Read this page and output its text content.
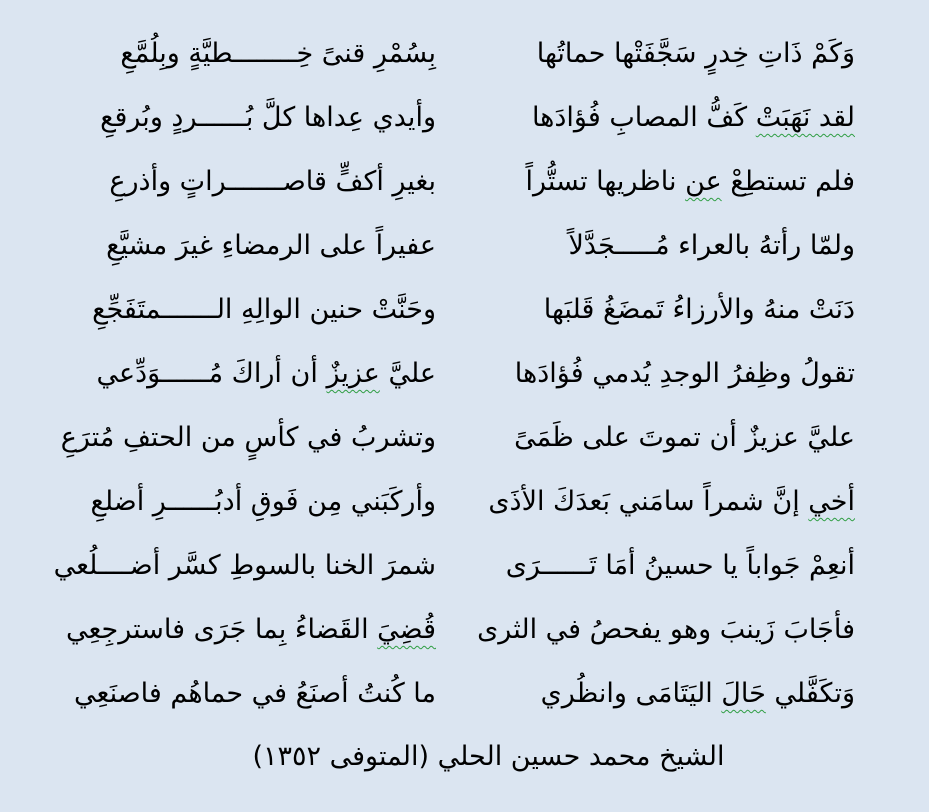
وَكَمْ ذَاتِ خِدرٍ سَجَّفَتْها حماتُها
بِسُمْرِ قنىً خِــــــــطيَّةٍ وبِلُمَّعِ
لقد نَهَبَتْ كَفُّ المصابِ فُؤادَها
وأيدي عِداها كلَّ بُــــــردٍ وبُرقعِ
فلم تستطِعْ عن ناظريها تستُّراً
بغيرِ أكفٍّ قاصـــــــراتٍ وأذرعِ
ولمّا رأتهُ بالعراء مُـــــجَدَّلاً
عفيراً على الرمضاءِ غيرَ مشيَّعِ
دَنَتْ منهُ والأرزاءُ تَمضَغُ قَلبَها
وحَنَّتْ حنين الوالِهِ الـــــــمتَفَجِّعِ
تقولُ وظِفرُ الوجدِ يُدمي فُؤادَها
عليَّ عزيزٌ أن أراكَ مُــــــوَدِّعي
عليَّ عزيزٌ أن تموتَ على ظَمَىً
وتشربُ في كأسٍ من الحتفِ مُترَعِ
أخي إنَّ شمراً سامَني بَعدَكَ الأذَى
وأركَبَني مِن فَوقِ أدبُــــــرِ أضلعِ
أنعِمْ جَواباً يا حسينُ أمَا تَــــــرَى
شمرَ الخنا بالسوطِ كسَّر أضــــلُعي
فأجَابَ زَينبَ وهو يفحصُ في الثرى
قُضِيَ القَضاءُ بِما جَرَى فاسترجِعِي
وَتكَفَّلي حَالَ اليَتَامَى وانظُري
ما كُنتُ أصنَعُ في حماهُم فاصنَعِي
الشيخ محمد حسين الحلي (المتوفى ١٣٥٢)
